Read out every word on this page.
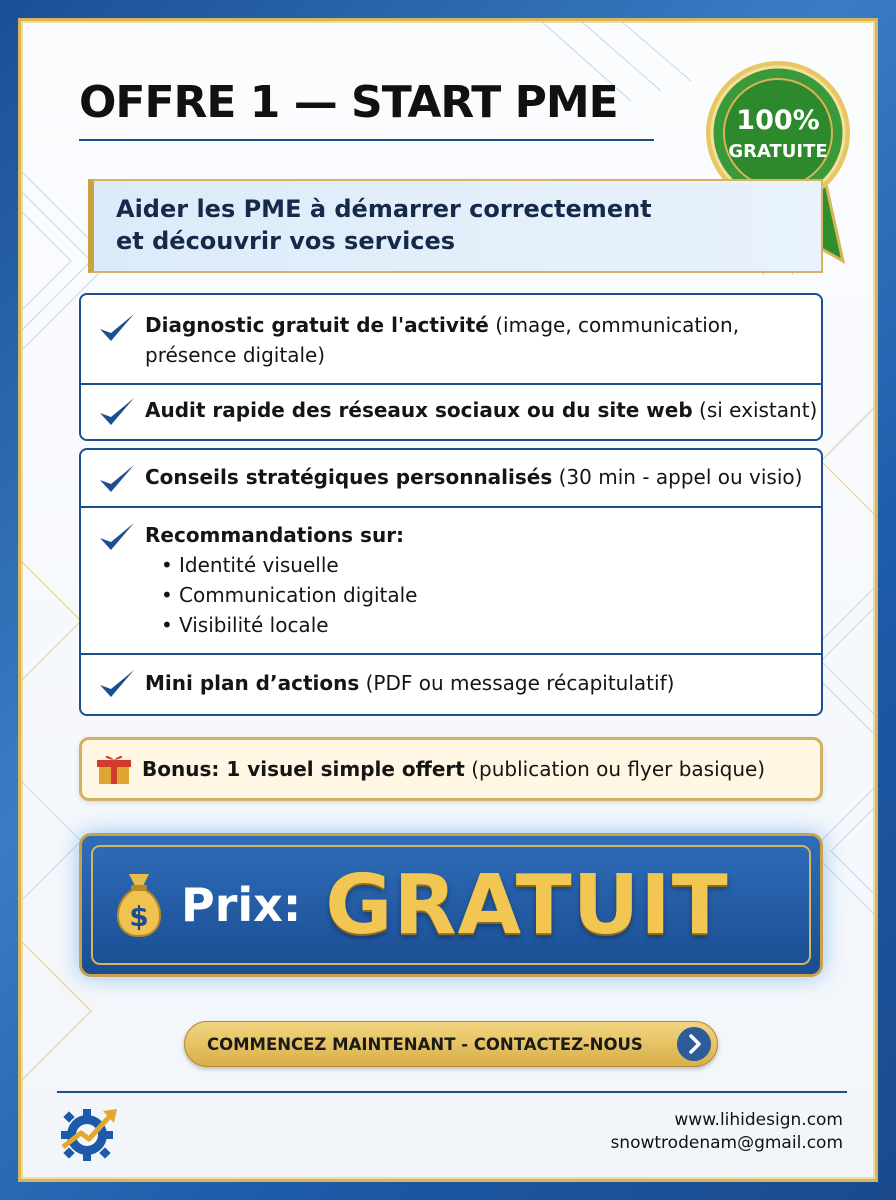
OFFRE 1 — START PME	100%
GRATUITE
Aider les PME à démarrer correctement
et découvrir vos services
Diagnostic gratuit de l'activité (image, communication,
présence digitale)
Audit rapide des réseaux sociaux ou du site web (si existant)
Conseils stratégiques personnalisés (30 min - appel ou visio)
Recommandations sur:
• Identité visuelle
• Communication digitale
• Visibilité locale
Mini plan d’actions (PDF ou message récapitulatif)
Bonus: 1 visuel simple offert (publication ou flyer basique)
$ Prix: GRATUIT
COMMENCEZ MAINTENANT - CONTACTEZ-NOUS
www.lihidesign.com
snowtrodenam@gmail.com
